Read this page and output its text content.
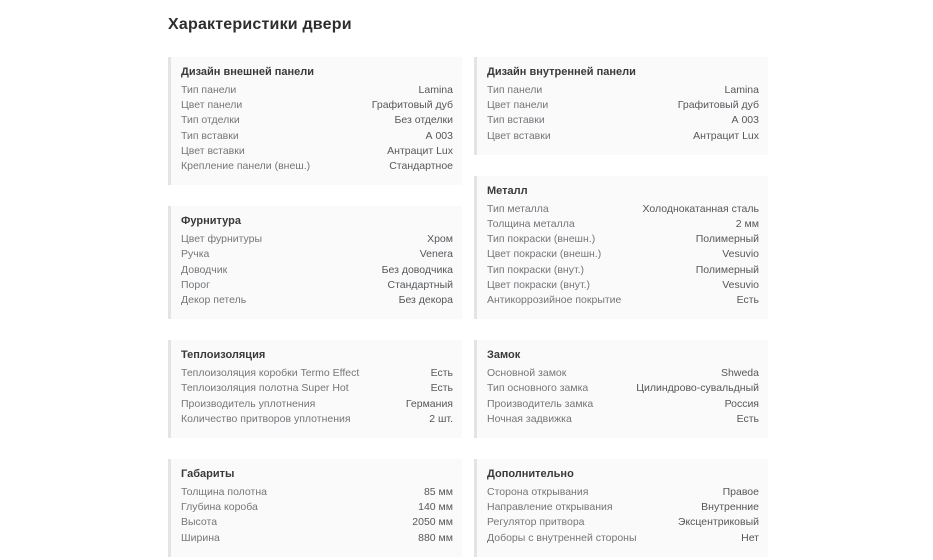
Характеристики двери
Дизайн внешней панели
Тип панели	Lamina
Цвет панели	Графитовый дуб
Тип отделки	Без отделки
Тип вставки	А 003
Цвет вставки	Антрацит Lux
Крепление панели (внеш.)	Стандартное
Фурнитура
Цвет фурнитуры	Хром
Ручка	Venera
Доводчик	Без доводчика
Порог	Стандартный
Декор петель	Без декора
Теплоизоляция
Теплоизоляция коробки Termo Effect	Есть
Теплоизоляция полотна Super Hot	Есть
Производитель уплотнения	Германия
Количество притворов уплотнения	2 шт.
Габариты
Толщина полотна	85 мм
Глубина короба	140 мм
Высота	2050 мм
Ширина	880 мм
Дизайн внутренней панели
Тип панели	Lamina
Цвет панели	Графитовый дуб
Тип вставки	А 003
Цвет вставки	Антрацит Lux
Металл
Тип металла	Холоднокатанная сталь
Толщина металла	2 мм
Тип покраски (внешн.)	Полимерный
Цвет покраски (внешн.)	Vesuvio
Тип покраски (внут.)	Полимерный
Цвет покраски (внут.)	Vesuvio
Антикоррозийное покрытие	Есть
Замок
Основной замок	Shweda
Тип основного замка	Цилиндрово-сувальдный
Производитель замка	Россия
Ночная задвижка	Есть
Дополнительно
Сторона открывания	Правое
Направление открывания	Внутренние
Регулятор притвора	Эксцентриковый
Доборы с внутренней стороны	Нет
